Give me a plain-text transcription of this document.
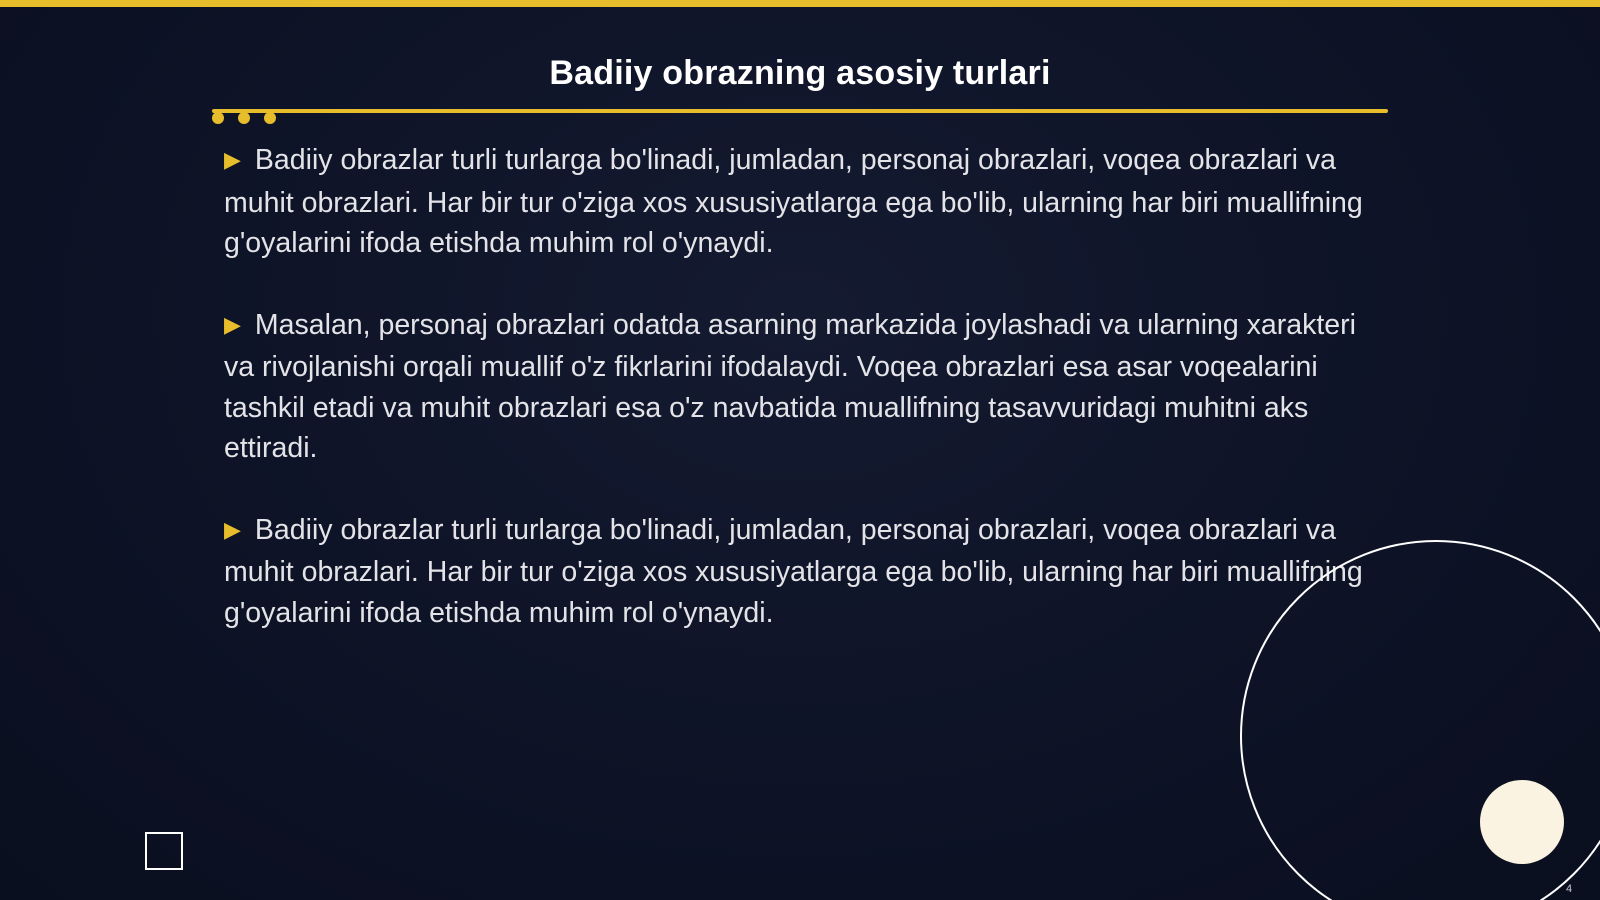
Badiiy obrazning asosiy turlari

▶ Badiiy obrazlar turli turlarga bo'linadi, jumladan, personaj obrazlari, voqea obrazlari va muhit obrazlari. Har bir tur o'ziga xos xususiyatlarga ega bo'lib, ularning har biri muallifning g'oyalarini ifoda etishda muhim rol o'ynaydi.

▶ Masalan, personaj obrazlari odatda asarning markazida joylashadi va ularning xarakteri va rivojlanishi orqali muallif o'z fikrlarini ifodalaydi. Voqea obrazlari esa asar voqealarini tashkil etadi va muhit obrazlari esa o'z navbatida muallifning tasavvuridagi muhitni aks ettiradi.

▶ Badiiy obrazlar turli turlarga bo'linadi, jumladan, personaj obrazlari, voqea obrazlari va muhit obrazlari. Har bir tur o'ziga xos xususiyatlarga ega bo'lib, ularning har biri muallifning g'oyalarini ifoda etishda muhim rol o'ynaydi.

4
